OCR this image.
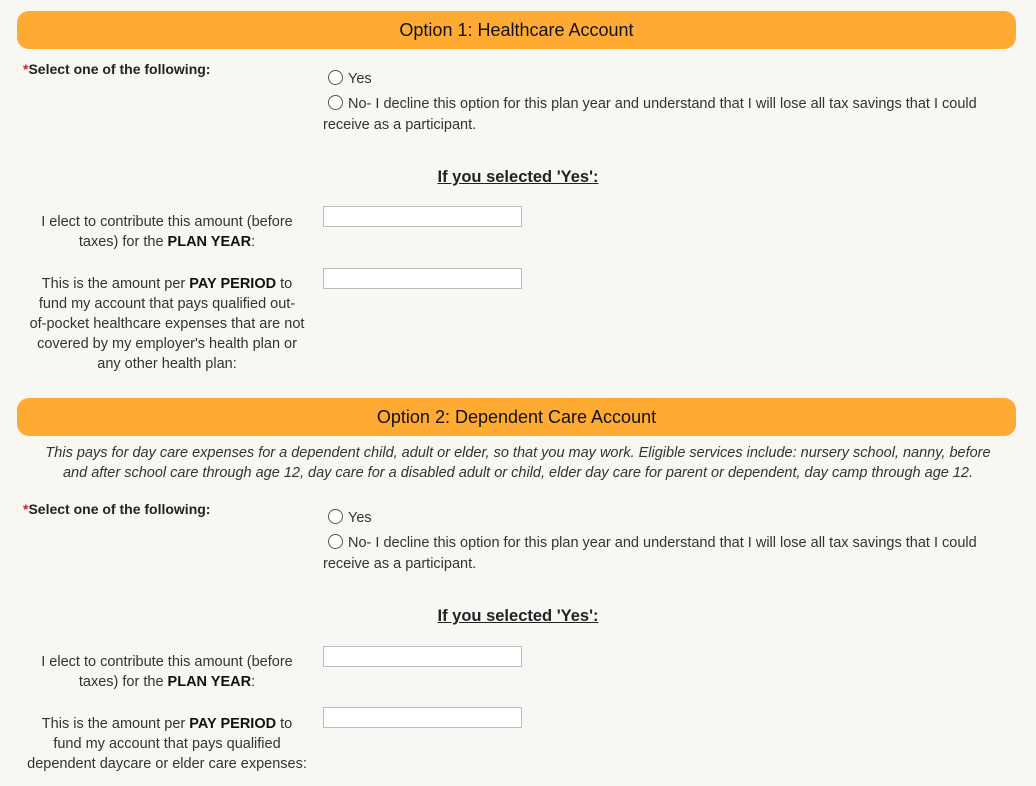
Option 1: Healthcare Account
*Select one of the following:
Yes
No- I decline this option for this plan year and understand that I will lose all tax savings that I could
receive as a participant.
If you selected 'Yes':
I elect to contribute this amount (before
taxes) for the PLAN YEAR:
This is the amount per PAY PERIOD to
fund my account that pays qualified out-
of-pocket healthcare expenses that are not
covered by my employer's health plan or
any other health plan:
Option 2: Dependent Care Account
This pays for day care expenses for a dependent child, adult or elder, so that you may work. Eligible services include: nursery school, nanny, before
and after school care through age 12, day care for a disabled adult or child, elder day care for parent or dependent, day camp through age 12.
*Select one of the following:
Yes
No- I decline this option for this plan year and understand that I will lose all tax savings that I could
receive as a participant.
If you selected 'Yes':
I elect to contribute this amount (before
taxes) for the PLAN YEAR:
This is the amount per PAY PERIOD to
fund my account that pays qualified
dependent daycare or elder care expenses:
